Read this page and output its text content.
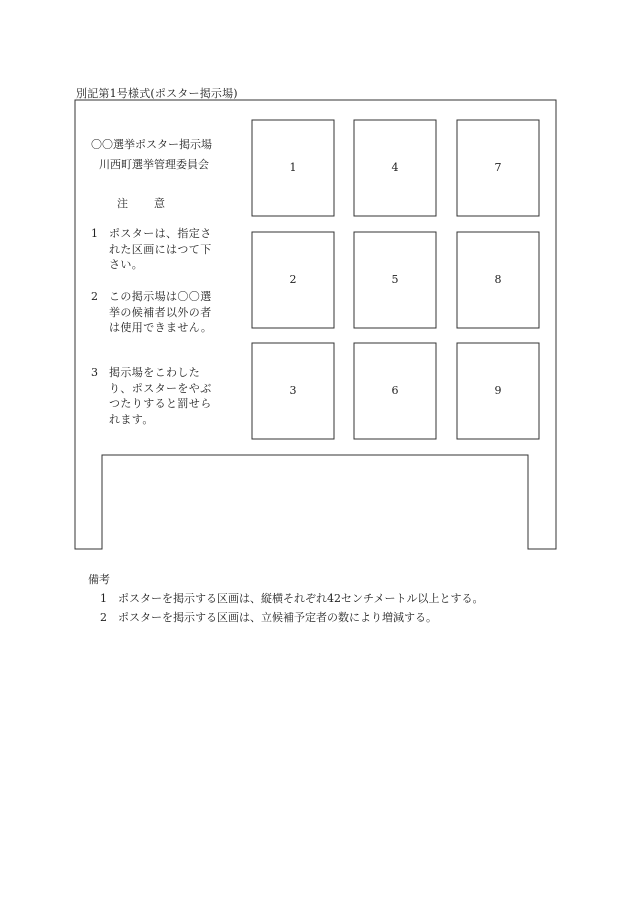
別記第1号様式(ポスター掲示場)
〇〇選挙ポスター掲示場
川西町選挙管理委員会
注 意
1	ポスターは、指定された区画にはつて下さい。
2	この掲示場は〇〇選挙の候補者以外の者は使用できません。
3	掲示場をこわしたり、ポスターをやぶつたりすると罰せられます。
1
2
3
4
5
6
7
8
9
備考
1	ポスターを掲示する区画は、縦横それぞれ42センチメートル以上とする。
2	ポスターを掲示する区画は、立候補予定者の数により増減する。
